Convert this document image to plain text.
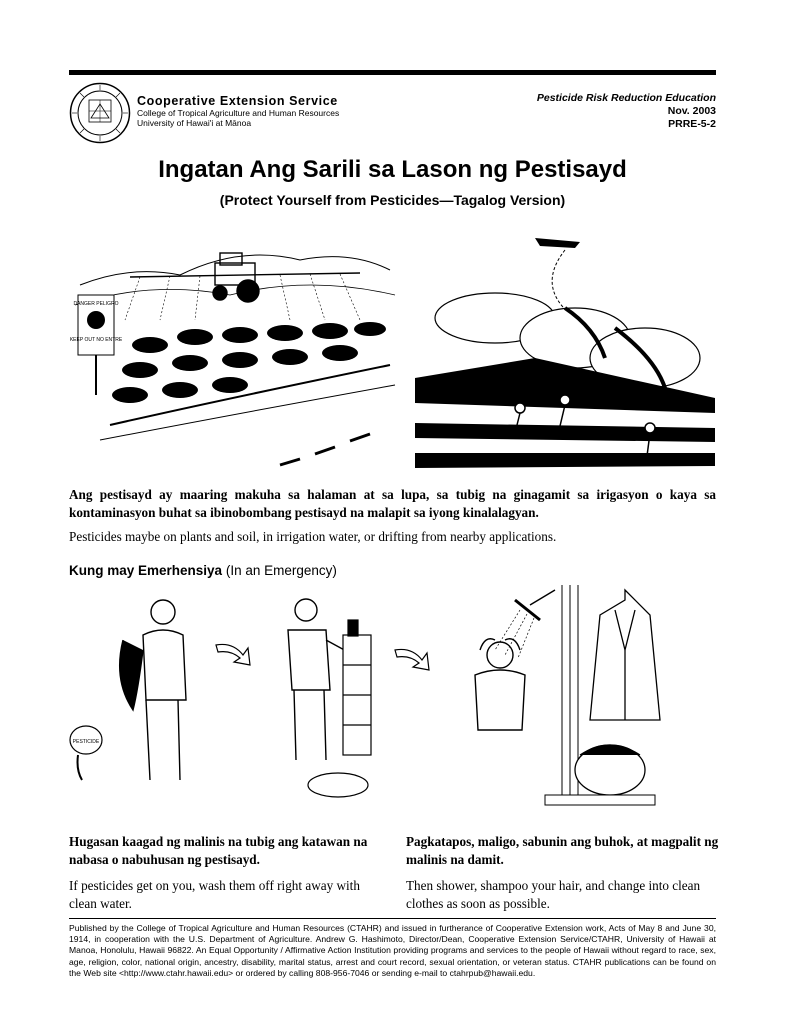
Cooperative Extension Service
College of Tropical Agriculture and Human Resources
University of Hawai'i at Mānoa
Pesticide Risk Reduction Education
Nov. 2003
PRRE-5-2
Ingatan Ang Sarili sa Lason ng Pestisayd
(Protect Yourself from Pesticides—Tagalog Version)
DANGER PELIGRO
KEEP OUT NO ENTRE
Ang pestisayd ay maaring makuha sa halaman at sa lupa, sa tubig na ginagamit sa irigasyon o kaya sa kontaminasyon buhat sa ibinobombang pestisayd na malapit sa iyong kinalalagyan.
Pesticides maybe on plants and soil, in irrigation water, or drifting from nearby applications.
Kung may Emerhensiya (In an Emergency)
PESTICIDE
Hugasan kaagad ng malinis na tubig ang katawan na nabasa o nabuhusan ng pestisayd.
If pesticides get on you, wash them off right away with clean water.
Pagkatapos, maligo, sabunin ang buhok, at magpalit ng malinis na damit.
Then shower, shampoo your hair, and change into clean clothes as soon as possible.
Published by the College of Tropical Agriculture and Human Resources (CTAHR) and issued in furtherance of Cooperative Extension work, Acts of May 8 and June 30, 1914, in cooperation with the U.S. Department of Agriculture. Andrew G. Hashimoto, Director/Dean, Cooperative Extension Service/CTAHR, University of Hawaii at Manoa, Honolulu, Hawaii 96822. An Equal Opportunity / Affirmative Action Institution providing programs and services to the people of Hawaii without regard to race, sex, age, religion, color, national origin, ancestry, disability, marital status, arrest and court record, sexual orientation, or veteran status. CTAHR publications can be found on the Web site <http://www.ctahr.hawaii.edu> or ordered by calling 808-956-7046 or sending e-mail to ctahrpub@hawaii.edu.
